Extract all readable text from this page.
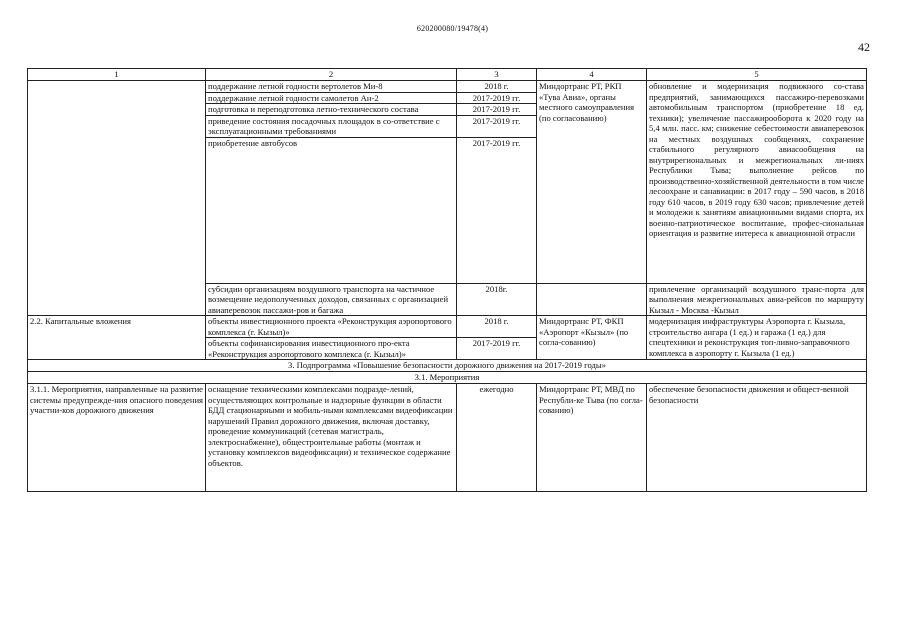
620200080/19478(4)
42
1	2	3	4	5
	поддержание летной годности вертолетов Ми-8	2018 г.	Миндортранс РТ, РКП «Тува Авиа», органы местного самоуправления (по согласованию)	обновление и модернизация подвижного со-става предприятий, занимающихся пассажиро-перевозками автомобильным транспортом (приобретение 18 ед. техники); увеличение пассажирооборота к 2020 году на 5,4 млн. пасс. км; снижение себестоимости авиаперевозок на местных воздушных сообщениях, сохранение стабильного регулярного авиасообщения на внутрирегиональных и межрегиональных ли-ниях Республики Тыва; выполнение рейсов по производственно-хозяйственной деятельности в том числе лесоохране и санавиации: в 2017 году – 590 часов, в 2018 году 610 часов, в 2019 году 630 часов; привлечение детей и молодежи к занятиям авиационными видами спорта, их военно-патриотическое воспитание, профес-сиональная ориентация и развитие интереса к авиационной отрасли
	поддержание летной годности самолетов Ан-2	2017-2019 гг.		
	подготовка и переподготовка летно-технического состава	2017-2019 гг.		
	приведение состояния посадочных площадок в со-ответствие с эксплуатационными требованиями	2017-2019 гг.		
	приобретение автобусов	2017-2019 гг.		
	субсидии организациям воздушного транспорта на частичное возмещение недополученных доходов, связанных с организацией авиаперевозок пассажи-ров и багажа	2018г.		привлечение организаций воздушного транс-порта для выполнения межрегиональных авиа-рейсов по маршруту Кызыл - Москва -Кызыл
2.2. Капитальные вложения	объекты инвестиционного проекта «Реконструкция аэропортового комплекса (г. Кызыл)»	2018 г.	Миндортранс РТ, ФКП «Аэропорт «Кызыл» (по согла-сованию)	модернизация инфраструктуры Аэропорта г. Кызыла, строительство ангара (1 ед.) и гаража (1 ед.) для спецтехники и реконструкция топ-ливно-заправочного комплекса в аэропорту г. Кызыла (1 ед.)
	объекты софинансирования инвестиционного про-екта «Реконструкция аэропортового комплекса (г. Кызыл)»	2017-2019 гг.		
3. Подпрограмма «Повышение безопасности дорожного движения на 2017-2019 годы»				
3.1. Мероприятия				
3.1.1. Мероприятия, направленные на развитие системы предупрежде-ния опасного поведения участни-ков дорожного движения	оснащение техническими комплексами подразде-лений, осуществляющих контрольные и надзорные функции в области БДД стационарными и мобиль-ными комплексами видеофиксации нарушений Правил дорожного движения, включая доставку, проведение коммуникаций (сетевая магистраль, электроснабжение), общестроительные работы (монтаж и установку комплексов видеофиксации) и техническое содержание объектов.	ежегодно	Миндортранс РТ, МВД по Республи-ке Тыва (по согла-сованию)	обеспечение безопасности движения и общест-венной безопасности
